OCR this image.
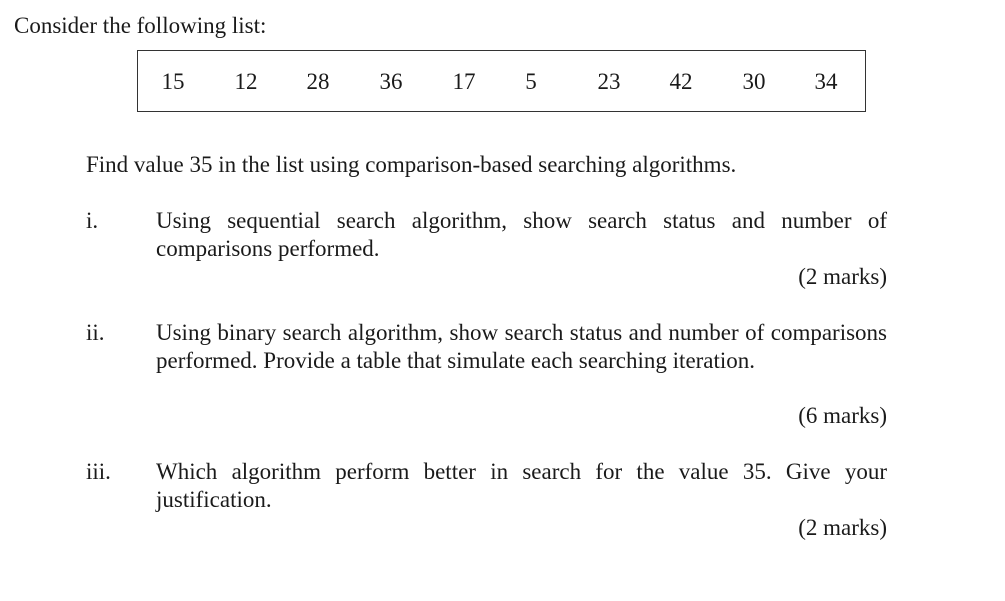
Consider the following list:

15 12 28 36 17 5	23 42 30 34

Find value 35 in the list using comparison-based searching algorithms.

i.	Using sequential search algorithm, show search status and number of comparisons performed.
(2 marks)
ii. Using binary search algorithm, show search status and number of comparisons performed. Provide a table that simulate each searching iteration.
(6 marks)
iii. Which algorithm perform better in search for the value 35. Give your justification.
(2 marks)
